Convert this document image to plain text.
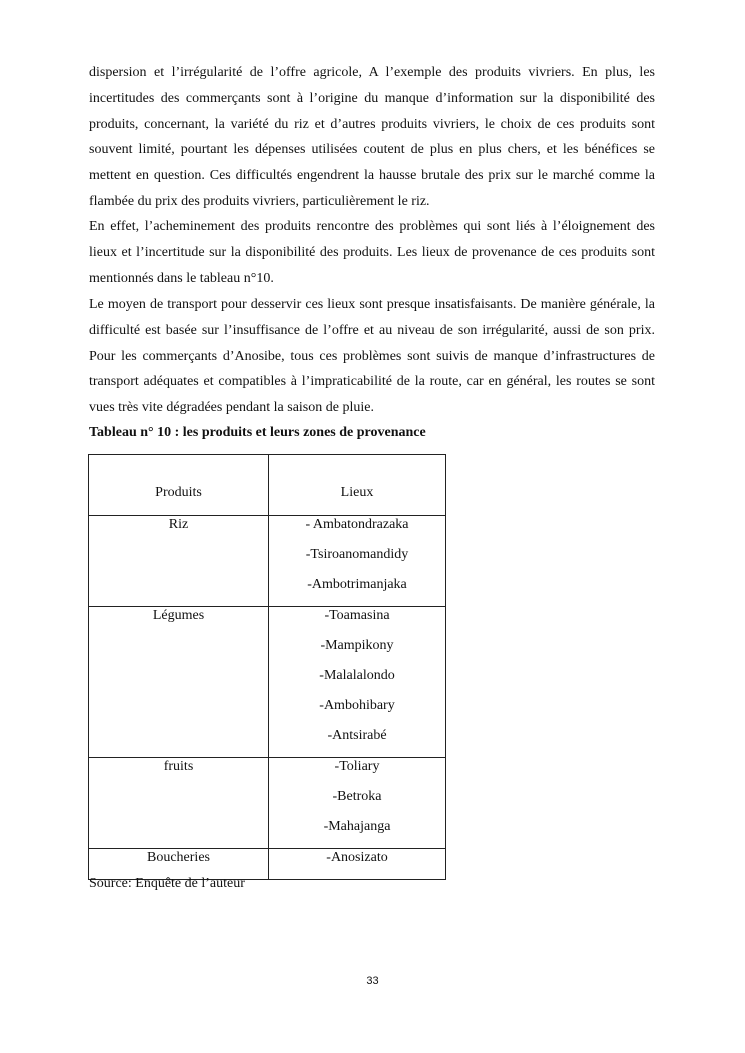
dispersion et l’irrégularité de l’offre agricole, A l’exemple des produits vivriers. En plus, les incertitudes des commerçants sont à l’origine du manque d’information sur la disponibilité des produits, concernant, la variété du riz et d’autres produits vivriers, le choix de ces produits sont souvent limité, pourtant les dépenses utilisées coutent de plus en plus chers, et les bénéfices se mettent en question. Ces difficultés engendrent la hausse brutale des prix sur le marché comme la flambée du prix des produits vivriers, particulièrement le riz.

En effet, l’acheminement des produits rencontre des problèmes qui sont liés à l’éloignement des lieux et l’incertitude sur la disponibilité des produits. Les lieux de provenance de ces produits sont mentionnés dans le tableau n°10.

Le moyen de transport pour desservir ces lieux sont presque insatisfaisants. De manière générale, la difficulté est basée sur l’insuffisance de l’offre et au niveau de son irrégularité, aussi de son prix. Pour les commerçants d’Anosibe, tous ces problèmes sont suivis de manque d’infrastructures de transport adéquates et compatibles à l’impraticabilité de la route, car en général, les routes se sont vues très vite dégradées pendant la saison de pluie.

Tableau n° 10 : les produits et leurs zones de provenance

Produits	Lieux

Riz	- Ambatondrazaka
-Tsiroanomandidy
-Ambotrimanjaka

Légumes	-Toamasina
-Mampikony
-Malalalondo
-Ambohibary
-Antsirabé

fruits	-Toliary
-Betroka
-Mahajanga

Boucheries	-Anosizato

Source: Enquête de l’auteur

33
